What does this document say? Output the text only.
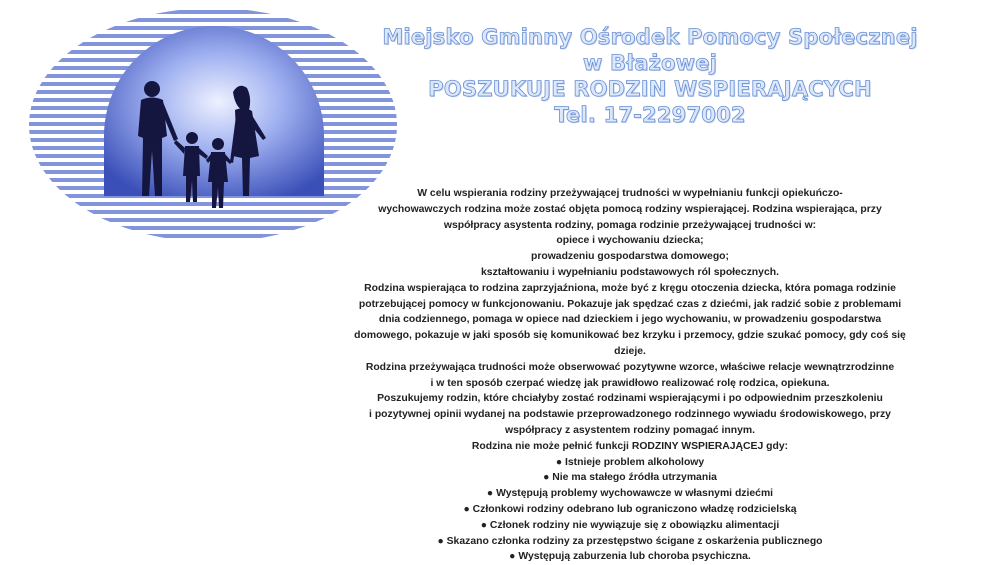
Miejsko Gminny Ośrodek Pomocy Społecznej
w Błażowej
POSZUKUJE RODZIN WSPIERAJĄCYCH
Tel. 17-2297002
W celu wspierania rodziny przeżywającej trudności w wypełnianiu funkcji opiekuńczo-
wychowawczych rodzina może zostać objęta pomocą rodziny wspierającej. Rodzina wspierająca, przy
współpracy asystenta rodziny, pomaga rodzinie przeżywającej trudności w:
opiece i wychowaniu dziecka;
prowadzeniu gospodarstwa domowego;
kształtowaniu i wypełnianiu podstawowych ról społecznych.
Rodzina wspierająca to rodzina zaprzyjaźniona, może być z kręgu otoczenia dziecka, która pomaga rodzinie
potrzebującej pomocy w funkcjonowaniu. Pokazuje jak spędzać czas z dziećmi, jak radzić sobie z problemami
dnia codziennego, pomaga w opiece nad dzieckiem i jego wychowaniu, w prowadzeniu gospodarstwa
domowego, pokazuje w jaki sposób się komunikować bez krzyku i przemocy, gdzie szukać pomocy, gdy coś się
dzieje.
Rodzina przeżywająca trudności może obserwować pozytywne wzorce, właściwe relacje wewnątrzrodzinne
i w ten sposób czerpać wiedzę jak prawidłowo realizować rolę rodzica, opiekuna.
Poszukujemy rodzin, które chciałyby zostać rodzinami wspierającymi i po odpowiednim przeszkoleniu
i pozytywnej opinii wydanej na podstawie przeprowadzonego rodzinnego wywiadu środowiskowego, przy
współpracy z asystentem rodziny pomagać innym.
Rodzina nie może pełnić funkcji RODZINY WSPIERAJĄCEJ gdy:
● Istnieje problem alkoholowy
● Nie ma stałego źródła utrzymania
● Występują problemy wychowawcze w własnymi dziećmi
● Członkowi rodziny odebrano lub ograniczono władzę rodzicielską
● Członek rodziny nie wywiązuje się z obowiązku alimentacji
● Skazano członka rodziny za przestępstwo ścigane z oskarżenia publicznego
● Występują zaburzenia lub choroba psychiczna.
